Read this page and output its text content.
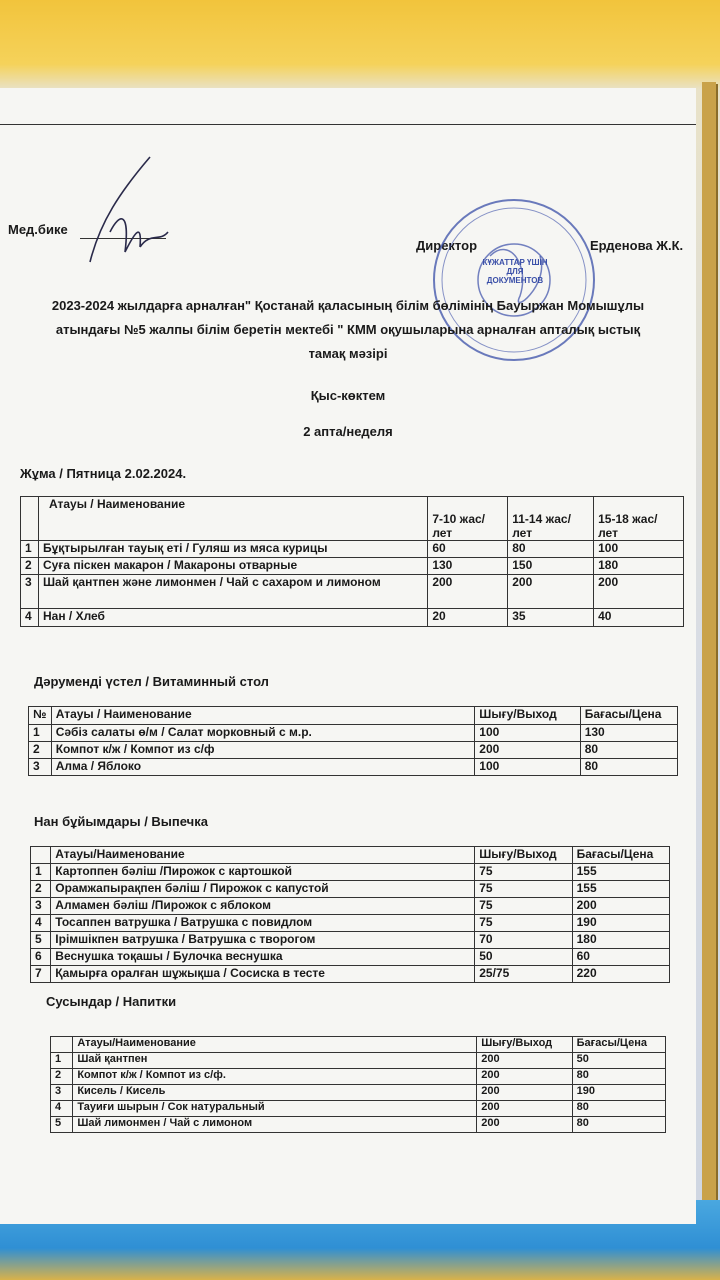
Мед.бике
Директор	Ерденова Ж.К.
КҰЖАТТАР ҮШІН ДЛЯ ДОКУМЕНТОВ
2023-2024 жылдарға арналған" Қостанай қаласының білім бөлімінің Бауыржан Момышұлы
атындағы №5 жалпы білім беретін мектебі " КММ оқушыларына арналған апталық ыстық
тамақ мәзірі
Қыс-көктем
2 апта/неделя
Жұма / Пятница 2.02.2024.
	Атауы / Наименование	7-10 жас/ лет	11-14 жас/ лет	15-18 жас/ лет
1	Бұқтырылған тауық еті / Гуляш из мяса курицы	60	80	100
2	Суға піскен макарон / Макароны отварные	130	150	180
3	Шай қантпен және лимонмен / Чай с сахаром и лимоном	200	200	200
4	Нан / Хлеб	20	35	40
Дәрумендi үстел / Витаминный стол
№	Атауы / Наименование	Шығу/Выход	Бағасы/Цена
1	Сәбіз салаты ө/м / Салат морковный с м.р.	100	130
2	Компот к/ж / Компот из с/ф	200	80
3	Алма / Яблоко	100	80
Нан бұйымдары / Выпечка
	Атауы/Наименование	Шығу/Выход	Бағасы/Цена
1	Картоппен бәліш /Пирожок с картошкой	75	155
2	Орамжапырақпен бәліш / Пирожок с капустой	75	155
3	Алмамен бәліш /Пирожок с яблоком	75	200
4	Тосаппен ватрушка / Ватрушка с повидлом	75	190
5	Ірімшікпен ватрушка / Ватрушка с творогом	70	180
6	Веснушка тоқашы / Булочка веснушка	50	60
7	Қамырға оралған шұжықша / Сосиска в тесте	25/75	220
Сусындар / Напитки
	Атауы/Наименование	Шығу/Выход	Бағасы/Цена
1	Шай қантпен	200	50
2	Компот к/ж / Компот из с/ф.	200	80
3	Кисель / Кисель	200	190
4	Тауиғи шырын / Сок натуральный	200	80
5	Шай лимонмен / Чай с лимоном	200	80
